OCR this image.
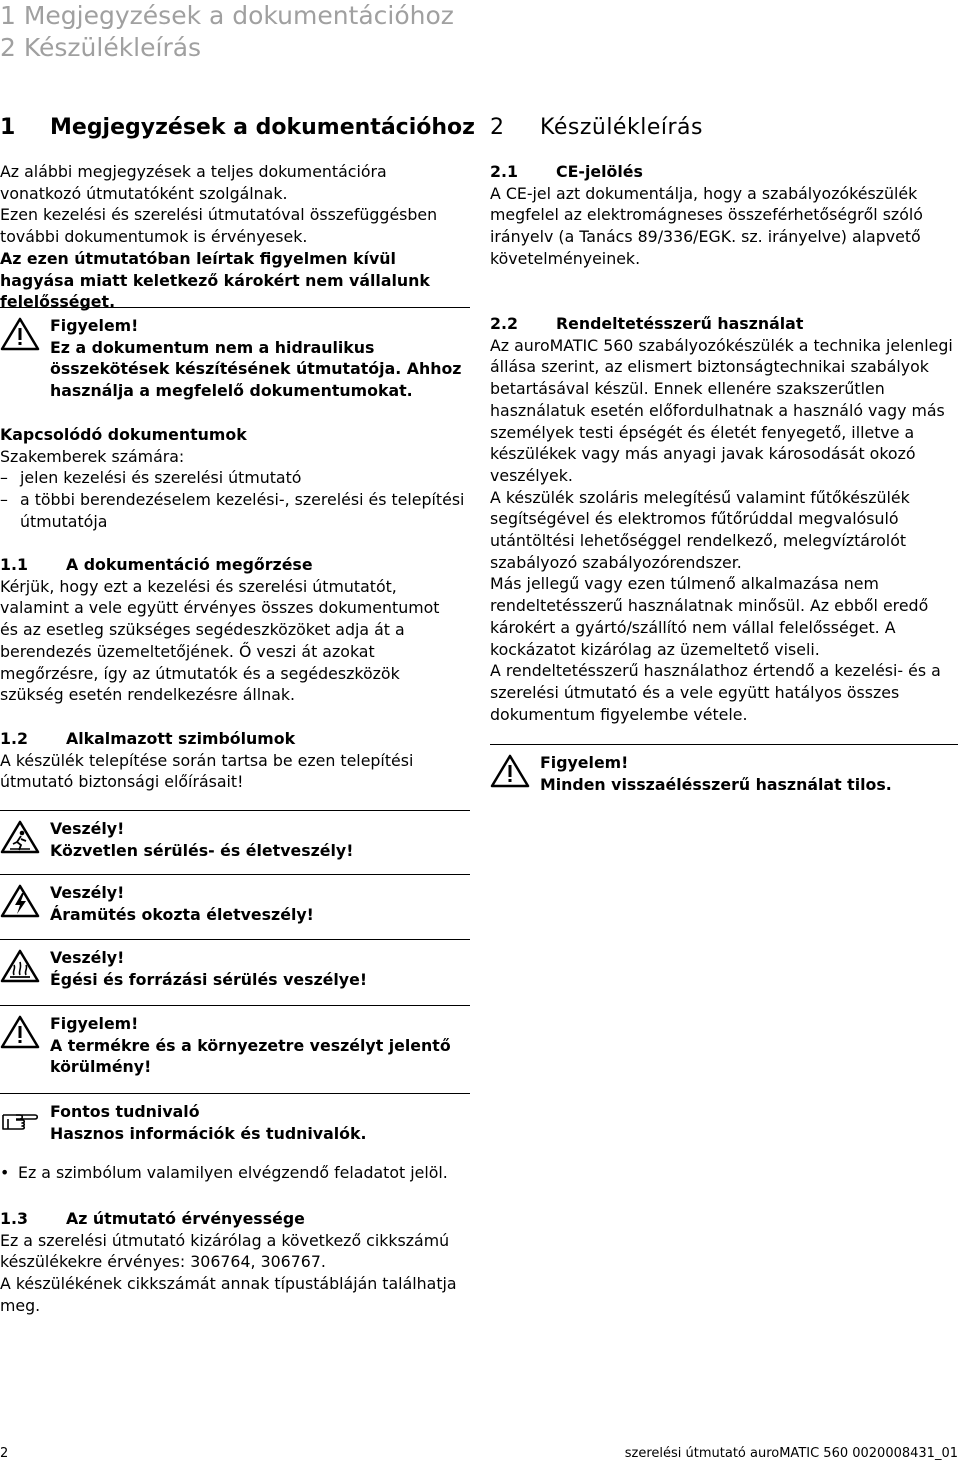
1 Megjegyzések a dokumentációhoz
2 Készülékleírás
1 Megjegyzések a dokumentációhoz

Az alábbi megjegyzések a teljes dokumentációra vonatkozó útmutatóként szolgálnak.

Ezen kezelési és szerelési útmutatóval összefüggésben további dokumentumok is érvényesek.

Az ezen útmutatóban leírtak figyelmen kívül hagyása miatt keletkező károkért nem vállalunk felelősséget.

Figyelem!
Ez a dokumentum nem a hidraulikus összekötések készítésének útmutatója. Ahhoz használja a megfelelő dokumentumokat.

Kapcsolódó dokumentumok

Szakemberek számára:

– jelen kezelési és szerelési útmutató

– a többi berendezéselem kezelési-, szerelési és telepítési útmutatója

1.1 A dokumentáció megőrzése

Kérjük, hogy ezt a kezelési és szerelési útmutatót, valamint a vele együtt érvényes összes dokumentumot és az esetleg szükséges segédeszközöket adja át a berendezés üzemeltetőjének. Ő veszi át azokat megőrzésre, így az útmutatók és a segédeszközök szükség esetén rendelkezésre állnak.

1.2 Alkalmazott szimbólumok

A készülék telepítése során tartsa be ezen telepítési útmutató biztonsági előírásait!

Veszély!
Közvetlen sérülés- és életveszély!
Veszély!
Áramütés okozta életveszély!
Veszély!
Égési és forrázási sérülés veszélye!
Figyelem!
A termékre és a környezetre veszélyt jelentő körülmény!
Fontos tudnivaló
Hasznos információk és tudnivalók.
• Ez a szimbólum valamilyen elvégzendő feladatot jelöl.

1.3 Az útmutató érvényessége

Ez a szerelési útmutató kizárólag a következő cikkszámú készülékekre érvényes: 306764, 306767.

A készülékének cikkszámát annak típustábláján találhatja meg.

2 Készülékleírás

2.1 CE-jelölés

A CE-jel azt dokumentálja, hogy a szabályozókészülék megfelel az elektromágneses összeférhetőségről szóló irányelv (a Tanács 89/336/EGK. sz. irányelve) alapvető követelményeinek.

2.2 Rendeltetésszerű használat

Az auroMATIC 560 szabályozókészülék a technika jelenlegi állása szerint, az elismert biztonságtechnikai szabályok betartásával készül. Ennek ellenére szakszerűtlen használatuk esetén előfordulhatnak a használó vagy más személyek testi épségét és életét fenyegető, illetve a készülékek vagy más anyagi javak károsodását okozó veszélyek.

A készülék szoláris melegítésű valamint fűtőkészülék segítségével és elektromos fűtőrúddal megvalósuló utántöltési lehetőséggel rendelkező, melegvíztárolót szabályozó szabályozórendszer.

Más jellegű vagy ezen túlmenő alkalmazása nem rendeltetésszerű használatnak minősül. Az ebből eredő károkért a gyártó/szállító nem vállal felelősséget. A kockázatot kizárólag az üzemeltető viseli.

A rendeltetésszerű használathoz értendő a kezelési- és a szerelési útmutató és a vele együtt hatályos összes dokumentum figyelembe vétele.

Figyelem!
Minden visszaélésszerű használat tilos.
2	szerelési útmutató auroMATIC 560 0020008431_01
